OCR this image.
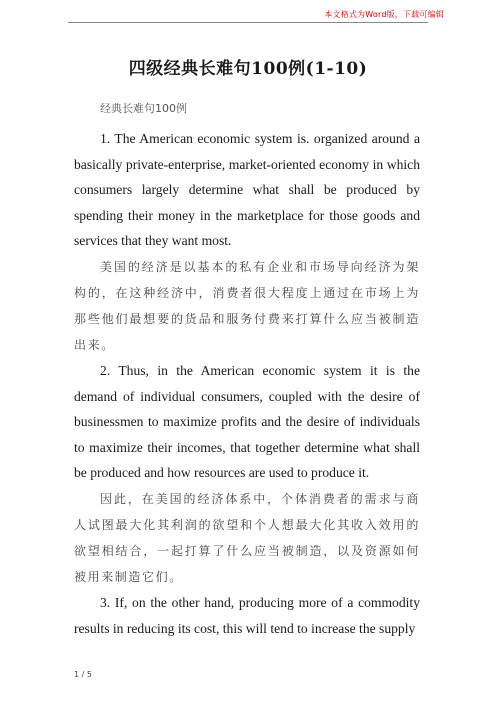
本文格式为Word版，下载可编辑
四级经典长难句100例(1-10)
经典长难句100例

1. The American economic system is. organized around a basically private-enterprise, market-oriented economy in which consumers largely determine what shall be produced by spending their money in the marketplace for those goods and services that they want most.

美国的经济是以基本的私有企业和市场导向经济为架构的，在这种经济中，消费者很大程度上通过在市场上为那些他们最想要的货品和服务付费来打算什么应当被制造出来。

2. Thus, in the American economic system it is the demand of individual consumers, coupled with the desire of businessmen to maximize profits and the desire of individuals to maximize their incomes, that together determine what shall be produced and how resources are used to produce it.

因此，在美国的经济体系中，个体消费者的需求与商人试图最大化其利润的欲望和个人想最大化其收入效用的欲望相结合，一起打算了什么应当被制造，以及资源如何被用来制造它们。

3. If, on the other hand, producing more of a commodity results in reducing its cost, this will tend to increase the supply

1 / 5
